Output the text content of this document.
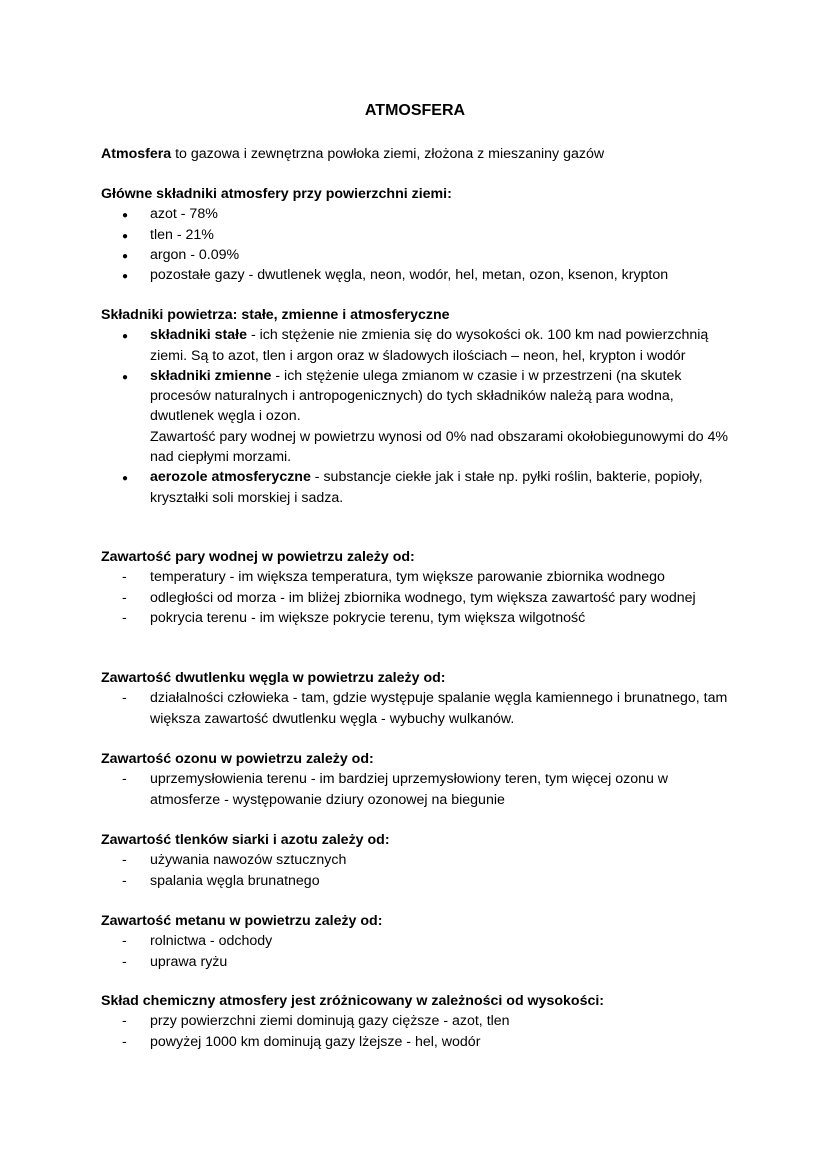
ATMOSFERA

Atmosfera to gazowa i zewnętrzna powłoka ziemi, złożona z mieszaniny gazów

Główne składniki atmosfery przy powierzchni ziemi:
●
azot - 78%
●
tlen - 21%
●
argon - 0.09%
●
pozostałe gazy - dwutlenek węgla, neon, wodór, hel, metan, ozon, ksenon, krypton
Składniki powietrza: stałe, zmienne i atmosferyczne
●
składniki stałe - ich stężenie nie zmienia się do wysokości ok. 100 km nad powierzchnią ziemi. Są to azot, tlen i argon oraz w śladowych ilościach – neon, hel, krypton i wodór
●
składniki zmienne - ich stężenie ulega zmianom w czasie i w przestrzeni (na skutek procesów naturalnych i antropogenicznych) do tych składników należą para wodna, dwutlenek węgla i ozon.
Zawartość pary wodnej w powietrzu wynosi od 0% nad obszarami okołobiegunowymi do 4% nad ciepłymi morzami.
●
aerozole atmosferyczne - substancje ciekłe jak i stałe np. pyłki roślin, bakterie, popioły, kryształki soli morskiej i sadza.
Zawartość pary wodnej w powietrzu zależy od:
-
temperatury - im większa temperatura, tym większe parowanie zbiornika wodnego
-
odległości od morza - im bliżej zbiornika wodnego, tym większa zawartość pary wodnej
-
pokrycia terenu - im większe pokrycie terenu, tym większa wilgotność
Zawartość dwutlenku węgla w powietrzu zależy od:
-
działalności człowieka - tam, gdzie występuje spalanie węgla kamiennego i brunatnego, tam większa zawartość dwutlenku węgla - wybuchy wulkanów.
Zawartość ozonu w powietrzu zależy od:
-
uprzemysłowienia terenu - im bardziej uprzemysłowiony teren, tym więcej ozonu w atmosferze - występowanie dziury ozonowej na biegunie
Zawartość tlenków siarki i azotu zależy od:
-
używania nawozów sztucznych
-
spalania węgla brunatnego
Zawartość metanu w powietrzu zależy od:
-
rolnictwa - odchody
-
uprawa ryżu
Skład chemiczny atmosfery jest zróżnicowany w zależności od wysokości:
-
przy powierzchni ziemi dominują gazy cięższe - azot, tlen
-
powyżej 1000 km dominują gazy lżejsze - hel, wodór
